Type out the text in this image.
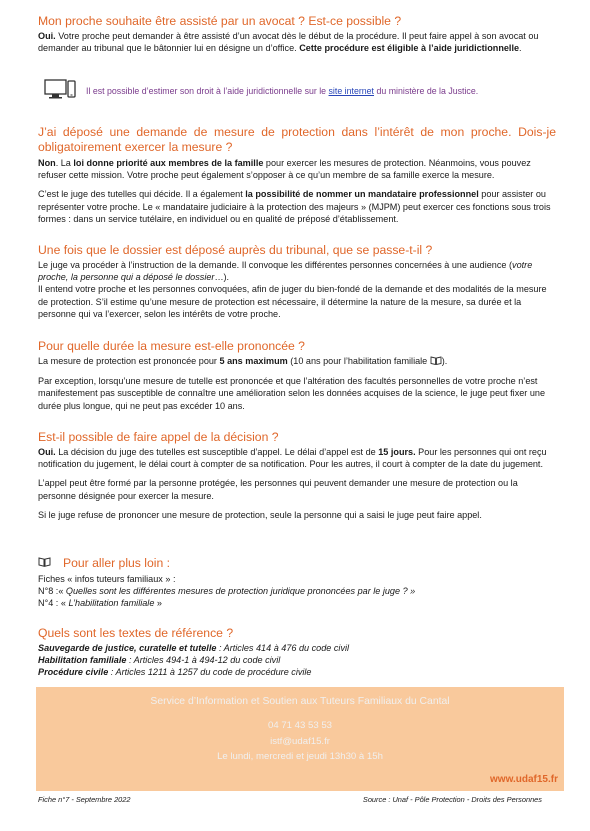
Mon proche souhaite être assisté par un avocat ? Est-ce possible ?

Oui. Votre proche peut demander à être assisté d’un avocat dès le début de la procédure. Il peut faire appel à son avocat ou demander au tribunal que le bâtonnier lui en désigne un d’office. Cette procédure est éligible à l’aide juridictionnelle.

Il est possible d’estimer son droit à l’aide juridictionnelle sur le site internet du ministère de la Justice.
J’ai déposé une demande de mesure de protection dans l’intérêt de mon proche. Dois-je obligatoirement exercer la mesure ?

Non. La loi donne priorité aux membres de la famille pour exercer les mesures de protection. Néanmoins, vous pouvez refuser cette mission. Votre proche peut également s’opposer à ce qu’un membre de sa famille exerce la mesure.

C’est le juge des tutelles qui décide. Il a également la possibilité de nommer un mandataire professionnel pour assister ou représenter votre proche. Le « mandataire judiciaire à la protection des majeurs » (MJPM) peut exercer ces fonctions sous trois formes : dans un service tutélaire, en individuel ou en qualité de préposé d’établissement.

Une fois que le dossier est déposé auprès du tribunal, que se passe-t-il ?

Le juge va procéder à l’instruction de la demande. Il convoque les différentes personnes concernées à une audience (votre proche, la personne qui a déposé le dossier…).

Il entend votre proche et les personnes convoquées, afin de juger du bien-fondé de la demande et des modalités de la mesure de protection. S’il estime qu’une mesure de protection est nécessaire, il détermine la nature de la mesure, sa durée et la personne qui va l’exercer, selon les intérêts de votre proche.

Pour quelle durée la mesure est-elle prononcée ?

La mesure de protection est prononcée pour 5 ans maximum (10 ans pour l’habilitation familiale ).

Par exception, lorsqu’une mesure de tutelle est prononcée et que l’altération des facultés personnelles de votre proche n’est manifestement pas susceptible de connaître une amélioration selon les données acquises de la science, le juge peut fixer une durée plus longue, qui ne peut pas excéder 10 ans.

Est-il possible de faire appel de la décision ?

Oui. La décision du juge des tutelles est susceptible d’appel. Le délai d’appel est de 15 jours. Pour les personnes qui ont reçu notification du jugement, le délai court à compter de sa notification. Pour les autres, il court à compter de la date du jugement.

L’appel peut être formé par la personne protégée, les personnes qui peuvent demander une mesure de protection ou la personne désignée pour exercer la mesure.

Si le juge refuse de prononcer une mesure de protection, seule la personne qui a saisi le juge peut faire appel.

Pour aller plus loin :

Fiches « infos tuteurs familiaux » :

N°8 :« Quelles sont les différentes mesures de protection juridique prononcées par le juge ? »

N°4 : « L’habilitation familiale »

Quels sont les textes de référence ?

Sauvegarde de justice, curatelle et tutelle : Articles 414 à 476 du code civil

Habilitation familiale : Articles 494-1 à 494-12 du code civil

Procédure civile : Articles 1211 à 1257 du code de procédure civile

Service d’Information et Soutien aux Tuteurs Familiaux du Cantal
04 71 43 53 53
istf@udaf15.fr
Le lundi, mercredi et jeudi 13h30 à 15h
www.udaf15.fr
Fiche n°7 - Septembre 2022	Source : Unaf - Pôle Protection - Droits des Personnes
